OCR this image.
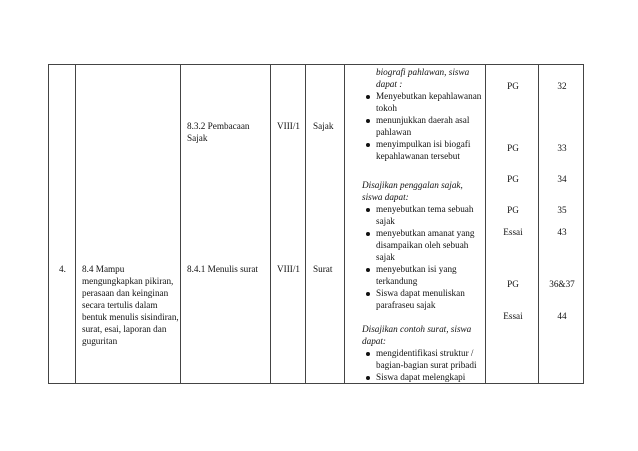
4. 8.4 Mampu
mengungkapkan pikiran,
perasaan dan keinginan
secara tertulis dalam
bentuk menulis sisindiran,
surat, esai, laporan dan
guguritan
8.3.2 Pembacaan
Sajak
8.4.1 Menulis surat
VIII/1
VIII/1
Sajak
Surat
biografi pahlawan, siswa
dapat :
Menyebutkan kepahlawanan
tokoh
menunjukkan daerah asal
pahlawan
menyimpulkan isi biogafi
kepahlawanan tersebut
Disajikan penggalan sajak,
siswa dapat:
menyebutkan tema sebuah
sajak
menyebutkan amanat yang
disampaikan oleh sebuah
sajak
menyebutkan isi yang
terkandung
Siswa dapat menuliskan
parafraseu sajak
Disajikan contoh surat, siswa
dapat:
mengidentifikasi struktur /
bagian-bagian surat pribadi
Siswa dapat melengkapi
PG
PG
PG
PG
Essai
PG
Essai
32
33
34
35
43
36&37
44
